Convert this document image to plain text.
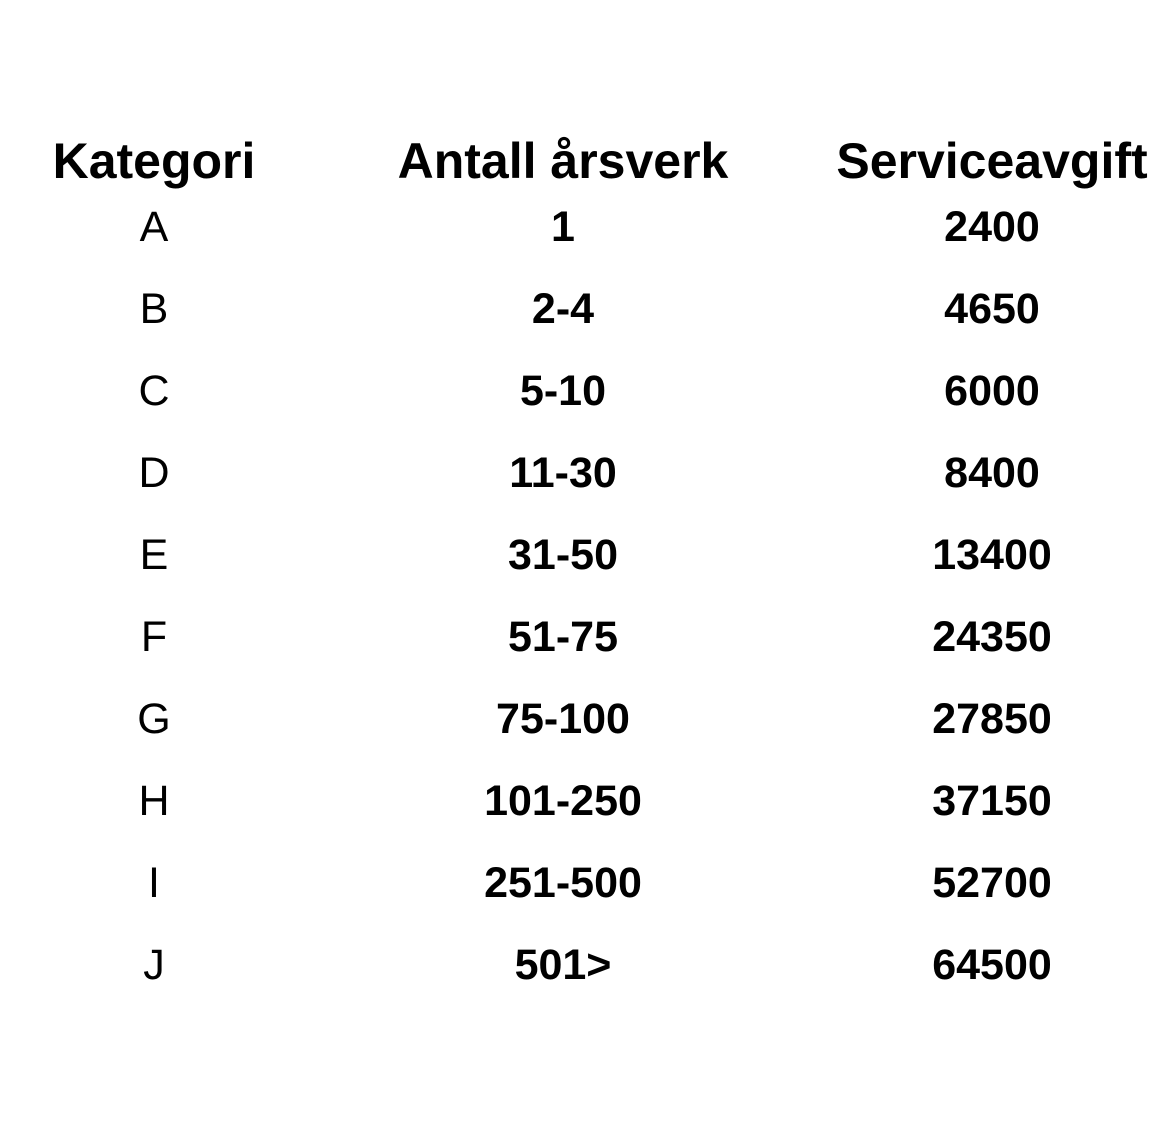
Kategori	Antall årsverk	Serviceavgift
A	1	2400
B	2-4	4650
C	5-10	6000
D	11-30	8400
E	31-50	13400
F	51-75	24350
G	75-100	27850
H	101-250	37150
I	251-500	52700
J	501>	64500
